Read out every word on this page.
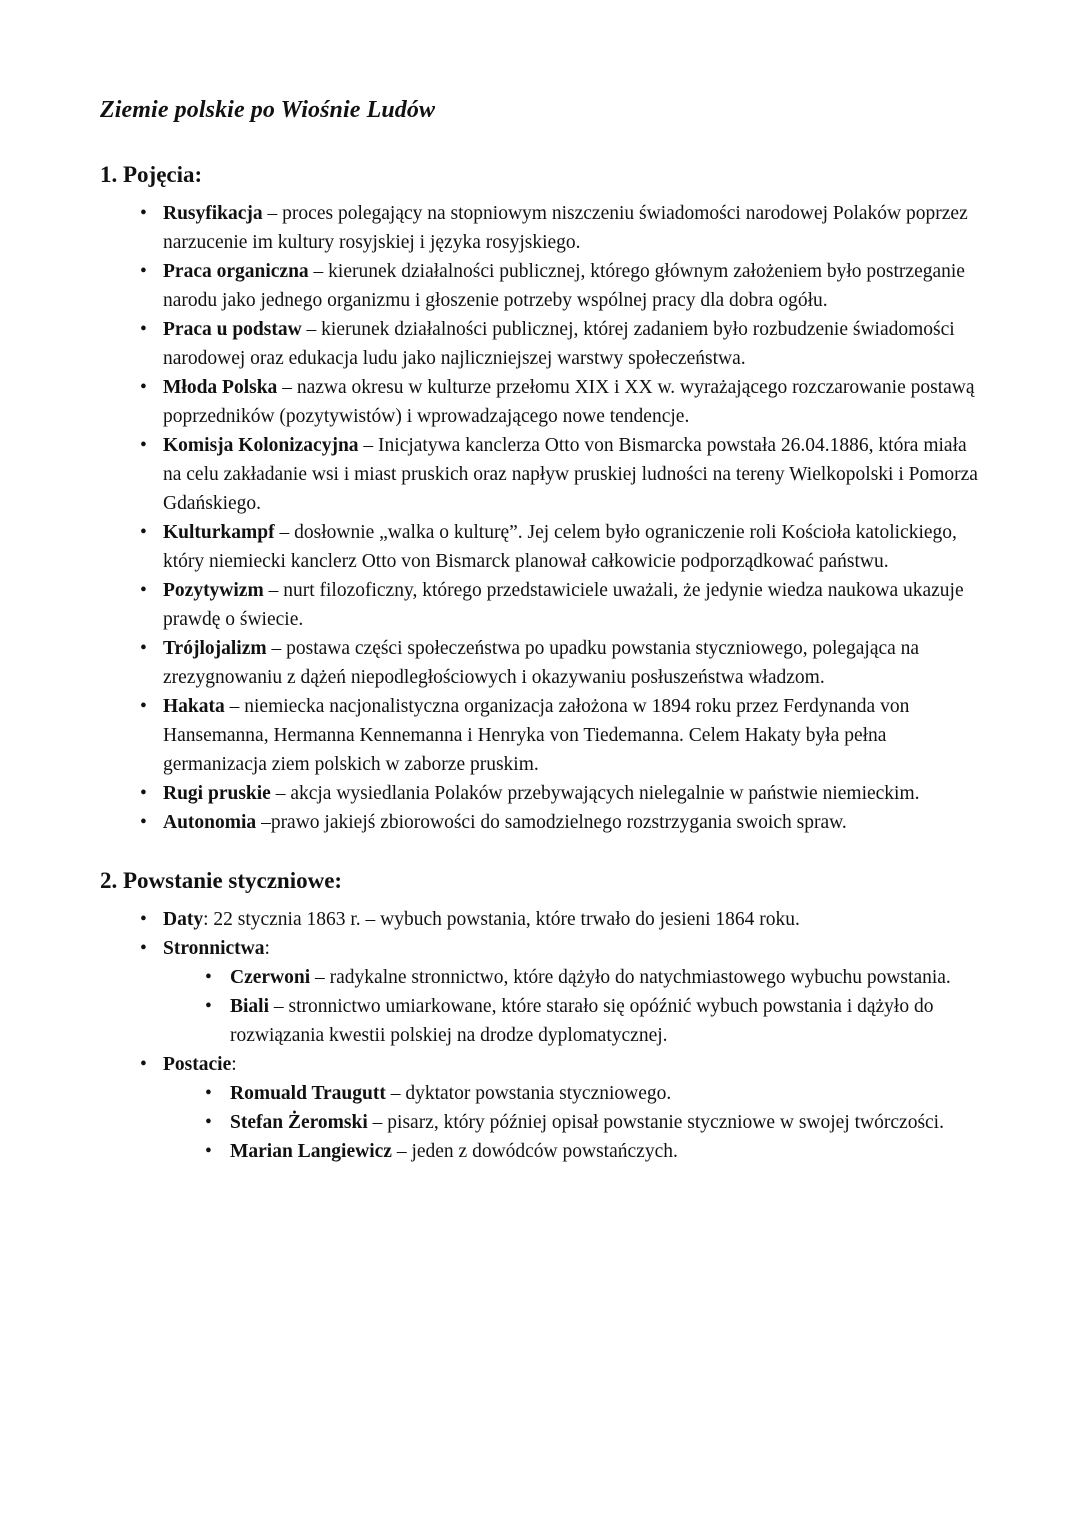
Ziemie polskie po Wiośnie Ludów
1. Pojęcia:
• Rusyfikacja – proces polegający na stopniowym niszczeniu świadomości narodowej Polaków poprzez narzucenie im kultury rosyjskiej i języka rosyjskiego.
• Praca organiczna – kierunek działalności publicznej, którego głównym założeniem było postrzeganie narodu jako jednego organizmu i głoszenie potrzeby wspólnej pracy dla dobra ogółu.
• Praca u podstaw – kierunek działalności publicznej, której zadaniem było rozbudzenie świadomości narodowej oraz edukacja ludu jako najliczniejszej warstwy społeczeństwa.
• Młoda Polska – nazwa okresu w kulturze przełomu XIX i XX w. wyrażającego rozczarowanie postawą poprzedników (pozytywistów) i wprowadzającego nowe tendencje.
• Komisja Kolonizacyjna – Inicjatywa kanclerza Otto von Bismarcka powstała 26.04.1886, która miała na celu zakładanie wsi i miast pruskich oraz napływ pruskiej ludności na tereny Wielkopolski i Pomorza Gdańskiego.
• Kulturkampf – dosłownie „walka o kulturę”. Jej celem było ograniczenie roli Kościoła katolickiego, który niemiecki kanclerz Otto von Bismarck planował całkowicie podporządkować państwu.
• Pozytywizm – nurt filozoficzny, którego przedstawiciele uważali, że jedynie wiedza naukowa ukazuje prawdę o świecie.
• Trójlojalizm – postawa części społeczeństwa po upadku powstania styczniowego, polegająca na zrezygnowaniu z dążeń niepodległościowych i okazywaniu posłuszeństwa władzom.
• Hakata – niemiecka nacjonalistyczna organizacja założona w 1894 roku przez Ferdynanda von Hansemanna, Hermanna Kennemanna i Henryka von Tiedemanna. Celem Hakaty była pełna germanizacja ziem polskich w zaborze pruskim.
• Rugi pruskie – akcja wysiedlania Polaków przebywających nielegalnie w państwie niemieckim.
• Autonomia –prawo jakiejś zbiorowości do samodzielnego rozstrzygania swoich spraw.
2. Powstanie styczniowe:
• Daty: 22 stycznia 1863 r. – wybuch powstania, które trwało do jesieni 1864 roku.
• Stronnictwa:
• Czerwoni – radykalne stronnictwo, które dążyło do natychmiastowego wybuchu powstania.
• Biali – stronnictwo umiarkowane, które starało się opóźnić wybuch powstania i dążyło do rozwiązania kwestii polskiej na drodze dyplomatycznej.
• Postacie:
• Romuald Traugutt – dyktator powstania styczniowego.
• Stefan Żeromski – pisarz, który później opisał powstanie styczniowe w swojej twórczości.
• Marian Langiewicz – jeden z dowódców powstańczych.
